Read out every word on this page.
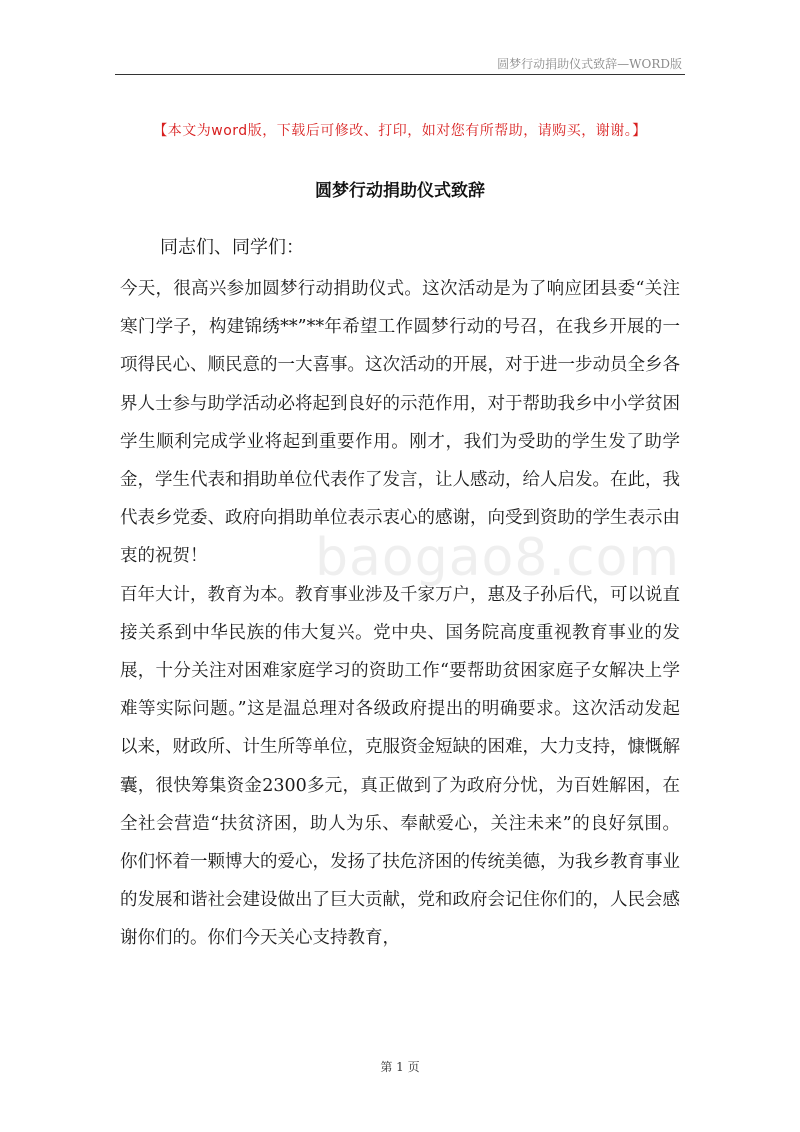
圆梦行动捐助仪式致辞—WORD版
【本文为word版，下载后可修改、打印，如对您有所帮助，请购买，谢谢。】
圆梦行动捐助仪式致辞
同志们、同学们：

今天，很高兴参加圆梦行动捐助仪式。这次活动是为了响应团县委“关注寒门学子，构建锦绣**”**年希望工作圆梦行动的号召，在我乡开展的一项得民心、顺民意的一大喜事。这次活动的开展，对于进一步动员全乡各界人士参与助学活动必将起到良好的示范作用，对于帮助我乡中小学贫困学生顺利完成学业将起到重要作用。刚才，我们为受助的学生发了助学金，学生代表和捐助单位代表作了发言，让人感动，给人启发。在此，我代表乡党委、政府向捐助单位表示衷心的感谢，向受到资助的学生表示由衷的祝贺！

百年大计，教育为本。教育事业涉及千家万户，惠及子孙后代，可以说直接关系到中华民族的伟大复兴。党中央、国务院高度重视教育事业的发展，十分关注对困难家庭学习的资助工作“要帮助贫困家庭子女解决上学难等实际问题。”这是温总理对各级政府提出的明确要求。这次活动发起以来，财政所、计生所等单位，克服资金短缺的困难，大力支持，慷慨解囊，很快筹集资金2300多元，真正做到了为政府分忧，为百姓解困，在全社会营造“扶贫济困，助人为乐、奉献爱心，关注未来”的良好氛围。你们怀着一颗博大的爱心，发扬了扶危济困的传统美德，为我乡教育事业的发展和谐社会建设做出了巨大贡献，党和政府会记住你们的，人民会感谢你们的。你们今天关心支持教育，

baogao8.com
第 1 页
